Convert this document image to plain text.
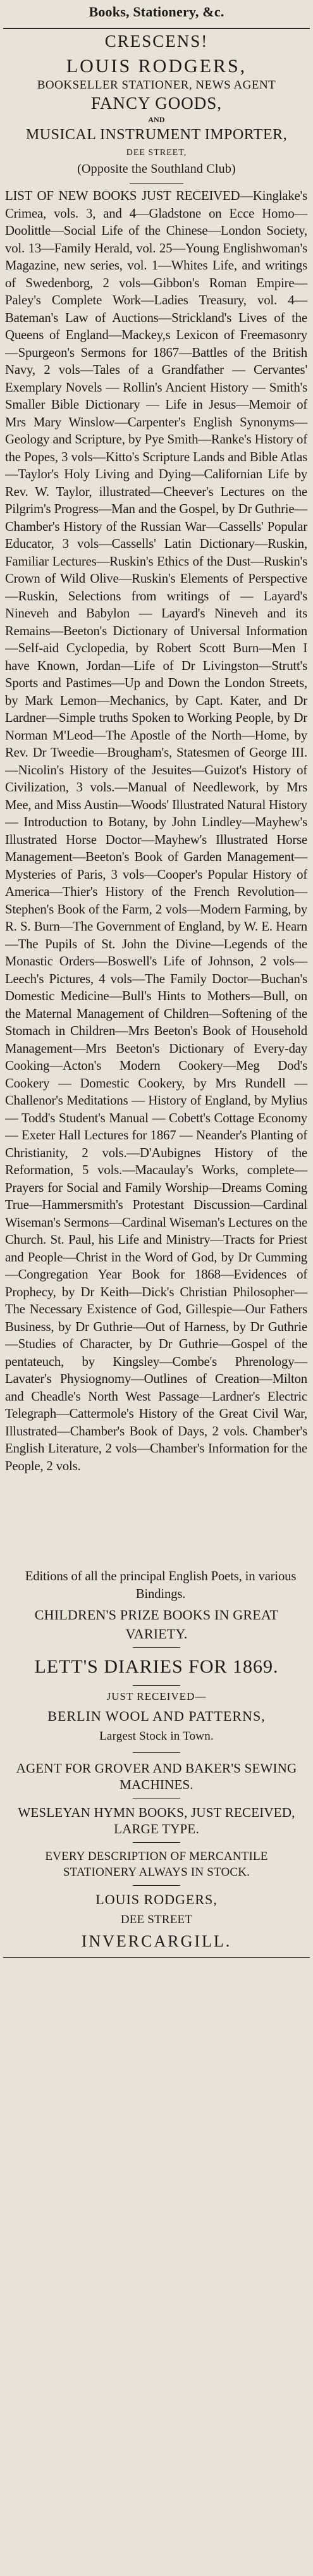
Books, Stationery, &c.
CRESCENS!
LOUIS RODGERS,
BOOKSELLER STATIONER, NEWS AGENT
FANCY GOODS,
AND
MUSICAL INSTRUMENT IMPORTER,
DEE STREET,
(Opposite the Southland Club)
LIST OF NEW BOOKS JUST RECEIVED—Kinglake's Crimea, vols. 3, and 4—Gladstone on Ecce Homo—Doolittle—Social Life of the Chinese—London Society, vol. 13—Family Herald, vol. 25—Young Englishwoman's Magazine, new series, vol. 1—Whites Life, and writings of Swedenborg, 2 vols—Gibbon's Roman Empire—Paley's Complete Work—Ladies Treasury, vol. 4—Bateman's Law of Auctions—Strickland's Lives of the Queens of England—Mackey,s Lexicon of Freemasonry—Spurgeon's Sermons for 1867—Battles of the British Navy, 2 vols—Tales of a Grandfather — Cervantes' Exemplary Novels — Rollin's Ancient History — Smith's Smaller Bible Dictionary — Life in Jesus—Memoir of Mrs Mary Winslow—Carpenter's English Synonyms—Geology and Scripture, by Pye Smith—Ranke's History of the Popes, 3 vols—Kitto's Scripture Lands and Bible Atlas—Taylor's Holy Living and Dying—Californian Life by Rev. W. Taylor, illustrated—Cheever's Lectures on the Pilgrim's Progress—Man and the Gospel, by Dr Guthrie—Chamber's History of the Russian War—Cassells' Popular Educator, 3 vols—Cassells' Latin Dictionary—Ruskin, Familiar Lectures—Ruskin's Ethics of the Dust—Ruskin's Crown of Wild Olive—Ruskin's Elements of Perspective—Ruskin, Selections from writings of — Layard's Nineveh and Babylon — Layard's Nineveh and its Remains—Beeton's Dictionary of Universal Information—Self-aid Cyclopedia, by Robert Scott Burn—Men I have Known, Jordan—Life of Dr Livingston—Strutt's Sports and Pastimes—Up and Down the London Streets, by Mark Lemon—Mechanics, by Capt. Kater, and Dr Lardner—Simple truths Spoken to Working People, by Dr Norman M'Leod—The Apostle of the North—Home, by Rev. Dr Tweedie—Brougham's, Statesmen of George III.—Nicolin's History of the Jesuites—Guizot's History of Civilization, 3 vols.—Manual of Needlework, by Mrs Mee, and Miss Austin—Woods' Illustrated Natural History — Introduction to Botany, by John Lindley—Mayhew's Illustrated Horse Doctor—Mayhew's Illustrated Horse Management—Beeton's Book of Garden Management—Mysteries of Paris, 3 vols—Cooper's Popular History of America—Thier's History of the French Revolution—Stephen's Book of the Farm, 2 vols—Modern Farming, by R. S. Burn—The Government of England, by W. E. Hearn—The Pupils of St. John the Divine—Legends of the Monastic Orders—Boswell's Life of Johnson, 2 vols—Leech's Pictures, 4 vols—The Family Doctor—Buchan's Domestic Medicine—Bull's Hints to Mothers—Bull, on the Maternal Management of Children—Softening of the Stomach in Children—Mrs Beeton's Book of Household Management—Mrs Beeton's Dictionary of Every-day Cooking—Acton's Modern Cookery—Meg Dod's Cookery — Domestic Cookery, by Mrs Rundell — Challenor's Meditations — History of England, by Mylius — Todd's Student's Manual — Cobett's Cottage Economy — Exeter Hall Lectures for 1867 — Neander's Planting of Christianity, 2 vols.—D'Aubignes History of the Reformation, 5 vols.—Macaulay's Works, complete—Prayers for Social and Family Worship—Dreams Coming True—Hammersmith's Protestant Discussion—Cardinal Wiseman's Sermons—Cardinal Wiseman's Lectures on the Church. St. Paul, his Life and Ministry—Tracts for Priest and People—Christ in the Word of God, by Dr Cumming—Congregation Year Book for 1868—Evidences of Prophecy, by Dr Keith—Dick's Christian Philosopher—The Necessary Existence of God, Gillespie—Our Fathers Business, by Dr Guthrie—Out of Harness, by Dr Guthrie—Studies of Character, by Dr Guthrie—Gospel of the pentateuch, by Kingsley—Combe's Phrenology—Lavater's Physiognomy—Outlines of Creation—Milton and Cheadle's North West Passage—Lardner's Electric Telegraph—Cattermole's History of the Great Civil War, Illustrated—Chamber's Book of Days, 2 vols. Chamber's English Literature, 2 vols—Chamber's Information for the People, 2 vols.
Editions of all the principal English Poets, in various Bindings.
CHILDREN'S PRIZE BOOKS IN GREAT VARIETY.
LETT'S DIARIES FOR 1869.
JUST RECEIVED—
BERLIN WOOL AND PATTERNS,
Largest Stock in Town.
AGENT FOR GROVER AND BAKER'S SEWING MACHINES.
WESLEYAN HYMN BOOKS, JUST RECEIVED, LARGE TYPE.
EVERY DESCRIPTION OF MERCANTILE STATIONERY ALWAYS IN STOCK.
LOUIS RODGERS,
DEE STREET
INVERCARGILL.
